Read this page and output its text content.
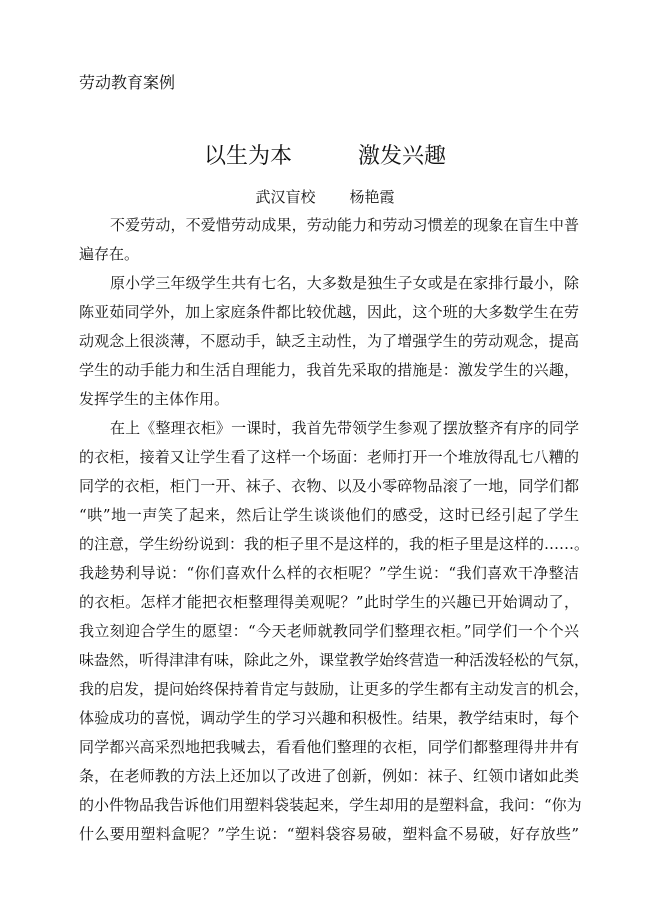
劳动教育案例
以生为本	激发兴趣
武汉盲校 杨艳霞
不爱劳动，不爱惜劳动成果，劳动能力和劳动习惯差的现象在盲生中普
遍存在。
原小学三年级学生共有七名，大多数是独生子女或是在家排行最小，除
陈亚茹同学外，加上家庭条件都比较优越，因此，这个班的大多数学生在劳
动观念上很淡薄，不愿动手，缺乏主动性，为了增强学生的劳动观念，提高
学生的动手能力和生活自理能力，我首先采取的措施是：激发学生的兴趣，
发挥学生的主体作用。
在上《整理衣柜》一课时，我首先带领学生参观了摆放整齐有序的同学
的衣柜，接着又让学生看了这样一个场面：老师打开一个堆放得乱七八糟的
同学的衣柜，柜门一开、袜子、衣物、以及小零碎物品滚了一地，同学们都
“哄”地一声笑了起来，然后让学生谈谈他们的感受，这时已经引起了学生
的注意，学生纷纷说到：我的柜子里不是这样的，我的柜子里是这样的……。
我趁势利导说：“你们喜欢什么样的衣柜呢？”学生说：“我们喜欢干净整洁
的衣柜。怎样才能把衣柜整理得美观呢？”此时学生的兴趣已开始调动了，
我立刻迎合学生的愿望：“今天老师就教同学们整理衣柜。”同学们一个个兴
味盎然，听得津津有味，除此之外，课堂教学始终营造一种活泼轻松的气氛，
我的启发，提问始终保持着肯定与鼓励，让更多的学生都有主动发言的机会，
体验成功的喜悦，调动学生的学习兴趣和积极性。结果，教学结束时，每个
同学都兴高采烈地把我喊去，看看他们整理的衣柜，同学们都整理得井井有
条，在老师教的方法上还加以了改进了创新，例如：袜子、红领巾诸如此类
的小件物品我告诉他们用塑料袋装起来，学生却用的是塑料盒，我问：“你为
什么要用塑料盒呢？”学生说：“塑料袋容易破，塑料盒不易破，好存放些”
